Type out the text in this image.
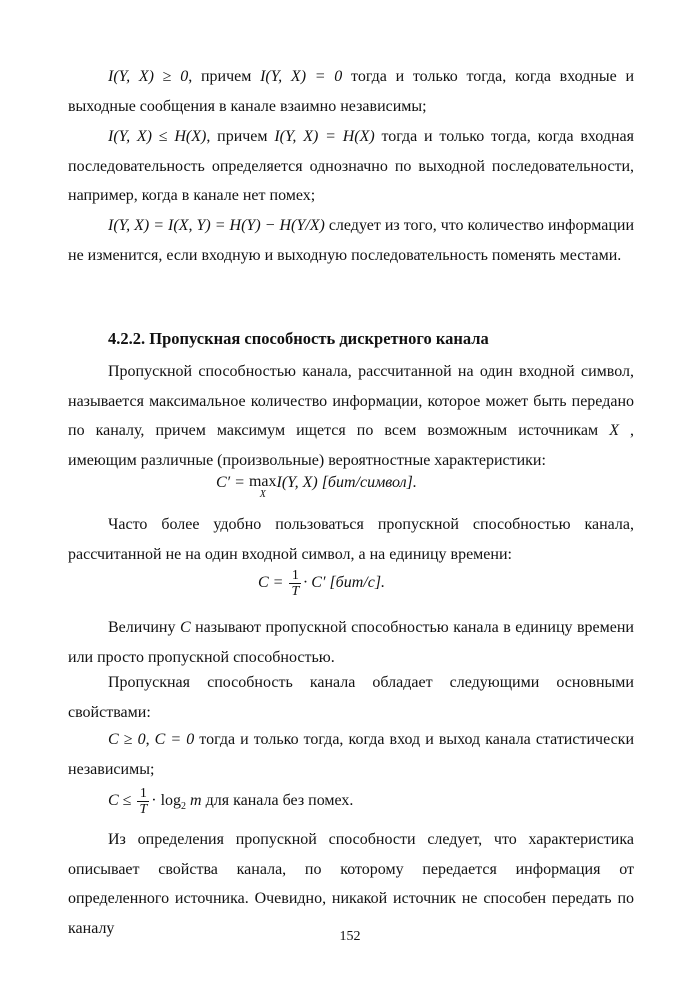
I(Y, X) ≥ 0, причем I(Y, X) = 0 тогда и только тогда, когда входные и выходные сообщения в канале взаимно независимы;

I(Y, X) ≤ H(X), причем I(Y, X) = H(X) тогда и только тогда, когда входная последовательность определяется однозначно по выходной последовательности, например, когда в канале нет помех;

I(Y, X) = I(X, Y) = H(Y) − H(Y/X) следует из того, что количество информации не изменится, если входную и выходную последовательность поменять местами.

4.2.2. Пропускная способность дискретного канала

Пропускной способностью канала, рассчитанной на один входной символ, называется максимальное количество информации, которое может быть передано по каналу, причем максимум ищется по всем возможным источникам X , имеющим различные (произвольные) вероятностные характеристики:

C′ = max
X
I(Y, X) [бит/символ].

Часто более удобно пользоваться пропускной способностью канала, рассчитанной не на один входной символ, а на единицу времени:

$C = \frac{1}{T} \cdot C'$ [бит/с].

Величину C называют пропускной способностью канала в единицу времени или просто пропускной способностью.

Пропускная способность канала обладает следующими основными свойствами:

C ≥ 0, C = 0 тогда и только тогда, когда вход и выход канала статистически независимы;

$C \le \frac{1}{T} \cdot \log_2 m$ для канала без помех.

Из определения пропускной способности следует, что характеристика описывает свойства канала, по которому передается информация от определенного источника. Очевидно, никакой источник не способен передать по каналу	152
